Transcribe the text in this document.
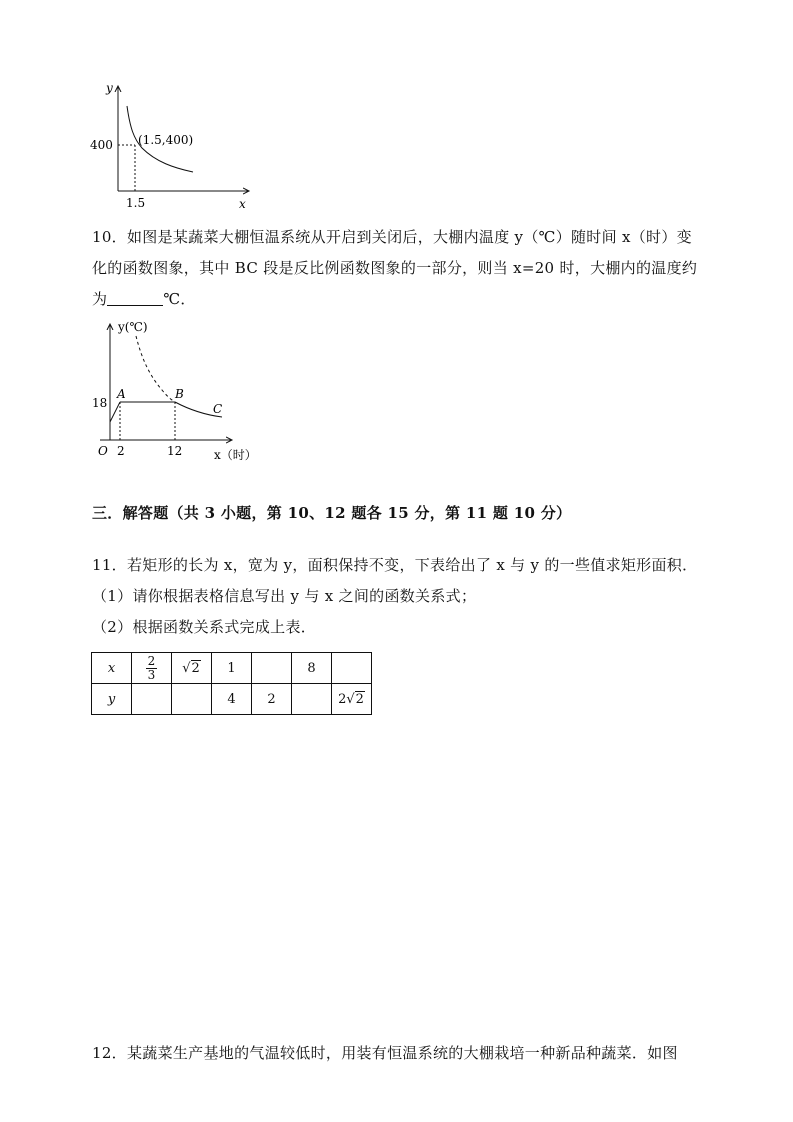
y
x
400
1.5
(1.5,400)
10．如图是某蔬菜大棚恒温系统从开启到关闭后，大棚内温度 y（℃）随时间 x（时）变
化的函数图象，其中 BC 段是反比例函数图象的一部分，则当 x=20 时，大棚内的温度约
为	℃．
y(℃)
x（时）
O
18
2	12
A	B
C
三．解答题（共 3 小题，第 10、12 题各 15 分，第 11 题 10 分）
11．若矩形的长为 x，宽为 y，面积保持不变，下表给出了 x 与 y 的一些值求矩形面积．
（1）请你根据表格信息写出 y 与 x 之间的函数关系式；
（2）根据函数关系式完成上表．
x	$\frac{2}{3}$	√2	1		8	
y			4	2		2√2
12．某蔬菜生产基地的气温较低时，用装有恒温系统的大棚栽培一种新品种蔬菜．如图
